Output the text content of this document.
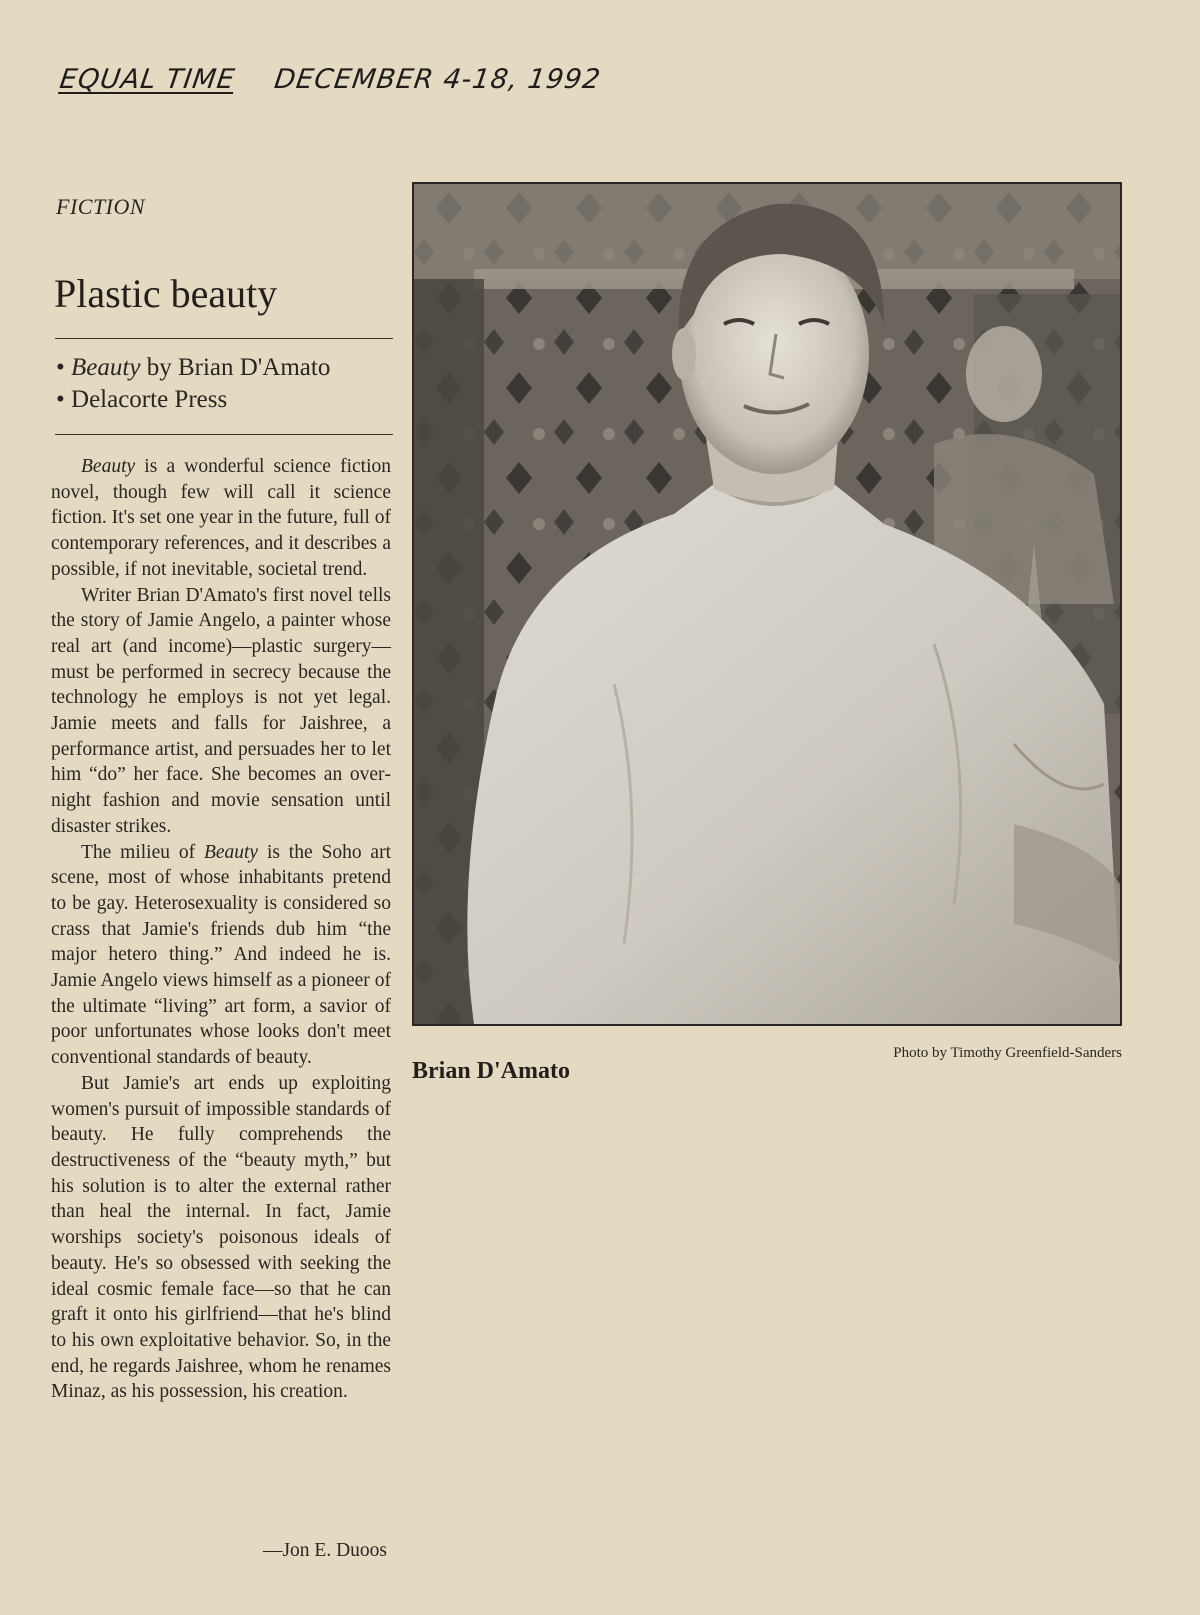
EQUAL TIME DECEMBER 4-18, 1992
FICTION
Plastic beauty
• Beauty by Brian D'Amato
• Delacorte Press

Beauty is a wonderful science fiction novel, though few will call it science fiction. It's set one year in the future, full of contemporary references, and it describes a possible, if not inevitable, societal trend.

Writer Brian D'Amato's first novel tells the story of Jamie Angelo, a painter whose real art (and income)—plastic surgery—must be performed in secrecy because the technology he employs is not yet legal. Jamie meets and falls for Jaishree, a performance artist, and persuades her to let him “do” her face. She becomes an overnight fashion and movie sensation until disaster strikes.

The milieu of Beauty is the Soho art scene, most of whose inhabitants pretend to be gay. Heterosexuality is considered so crass that Jamie's friends dub him “the major hetero thing.” And indeed he is. Jamie Angelo views himself as a pioneer of the ultimate “living” art form, a savior of poor unfortunates whose looks don't meet conventional standards of beauty.

But Jamie's art ends up exploiting women's pursuit of impossible standards of beauty. He fully comprehends the destructiveness of the “beauty myth,” but his solution is to alter the external rather than heal the internal. In fact, Jamie worships society's poisonous ideals of beauty. He's so obsessed with seeking the ideal cosmic female face—so that he can graft it onto his girlfriend—that he's blind to his own exploitative behavior. So, in the end, he regards Jaishree, whom he renames Minaz, as his possession, his creation.

—Jon E. Duoos
Photo by Timothy Greenfield-Sanders
Brian D'Amato
